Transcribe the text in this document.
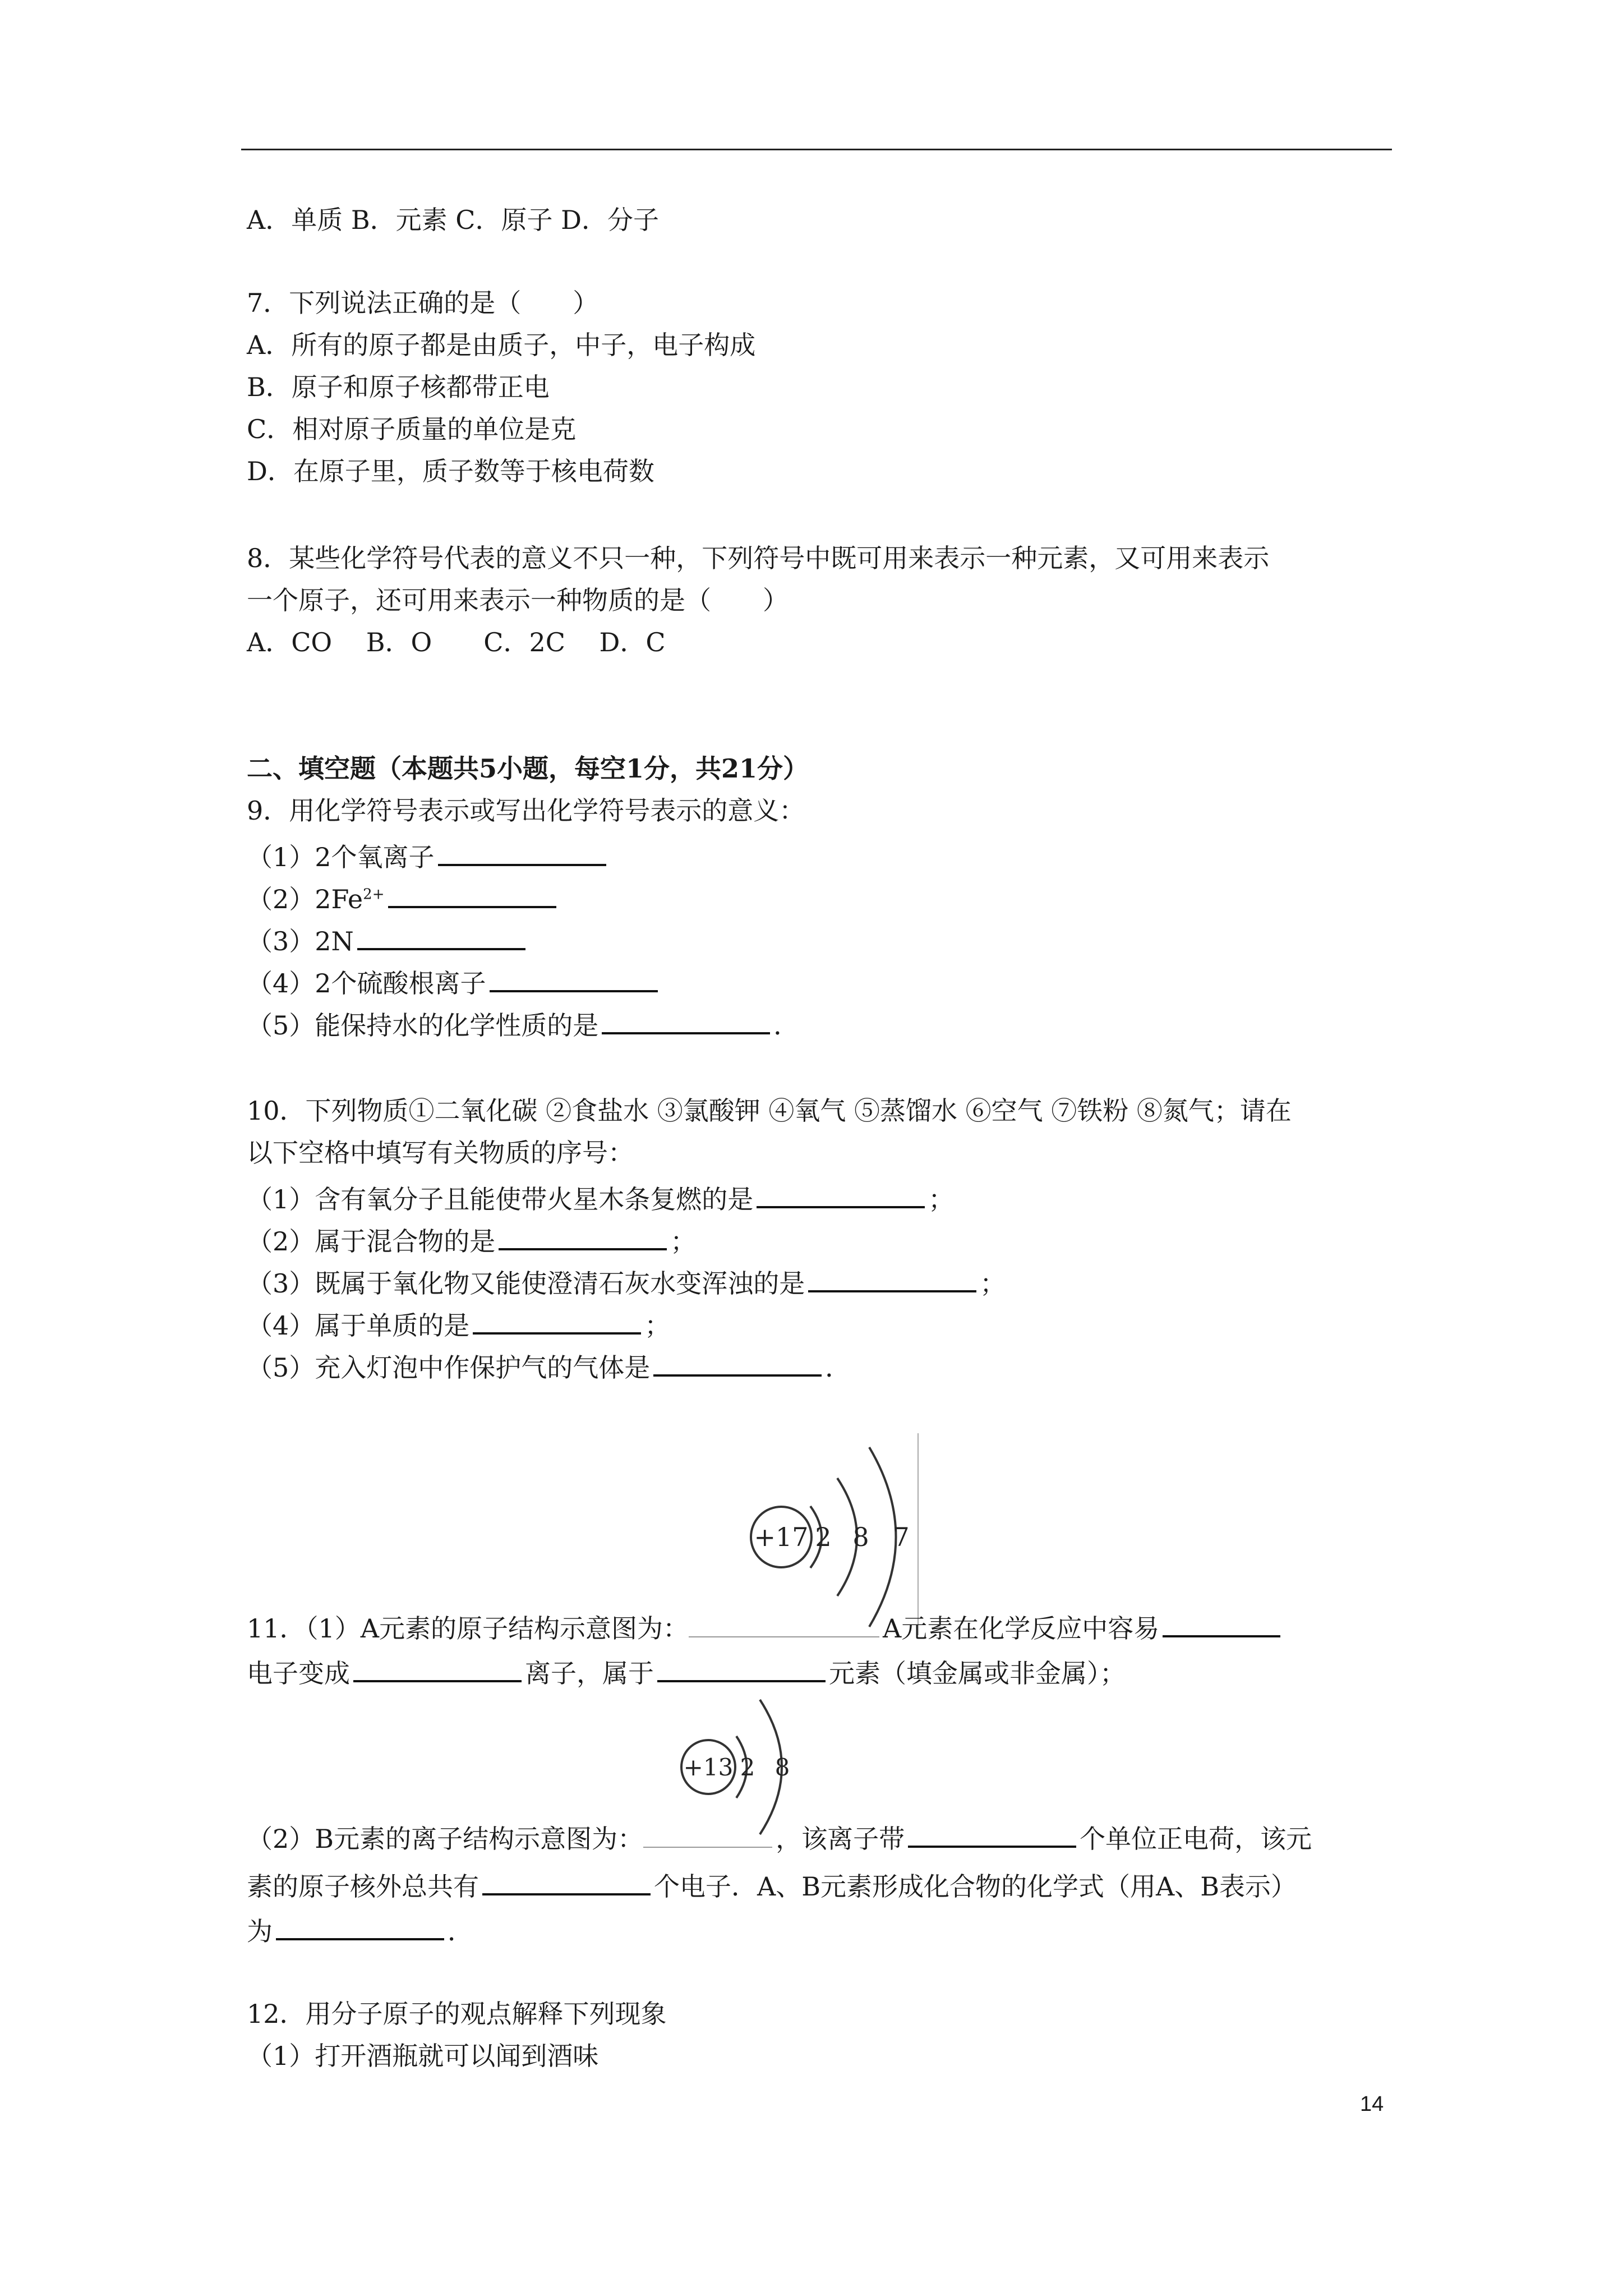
A．单质 B．元素 C．原子 D．分子
7．下列说法正确的是（　　）
A．所有的原子都是由质子，中子，电子构成
B．原子和原子核都带正电
C．相对原子质量的单位是克
D．在原子里，质子数等于核电荷数
8．某些化学符号代表的意义不只一种，下列符号中既可用来表示一种元素，又可用来表示
一个原子，还可用来表示一种物质的是（　　）
A．CO　 B．O　　C．2C　 D．C
二、填空题（本题共5小题，每空1分，共21分）
9．用化学符号表示或写出化学符号表示的意义：
（1）2个氧离子
$(2)2Fe^{2+}$
（3）2N
（4）2个硫酸根离子
（5）能保持水的化学性质的是	．
10．下列物质①二氧化碳 ②食盐水 ③氯酸钾 ④氧气 ⑤蒸馏水 ⑥空气 ⑦铁粉 ⑧氮气；请在
以下空格中填写有关物质的序号：
（1）含有氧分子且能使带火星木条复燃的是	；
（2）属于混合物的是	；
（3）既属于氧化物又能使澄清石灰水变浑浊的是	；
（4）属于单质的是	；
（5）充入灯泡中作保护气的气体是	．
+17 2 8 7
11．（1）A元素的原子结构示意图为：	A元素在化学反应中容易
电子变成	离子，属于	元素（填金属或非金属）；
+13 2 8
（2）B元素的离子结构示意图为：	，该离子带	个单位正电荷，该元
素的原子核外总共有	个电子．A、B元素形成化合物的化学式（用A、B表示）
为	．
12．用分子原子的观点解释下列现象
（1）打开酒瓶就可以闻到酒味
14
